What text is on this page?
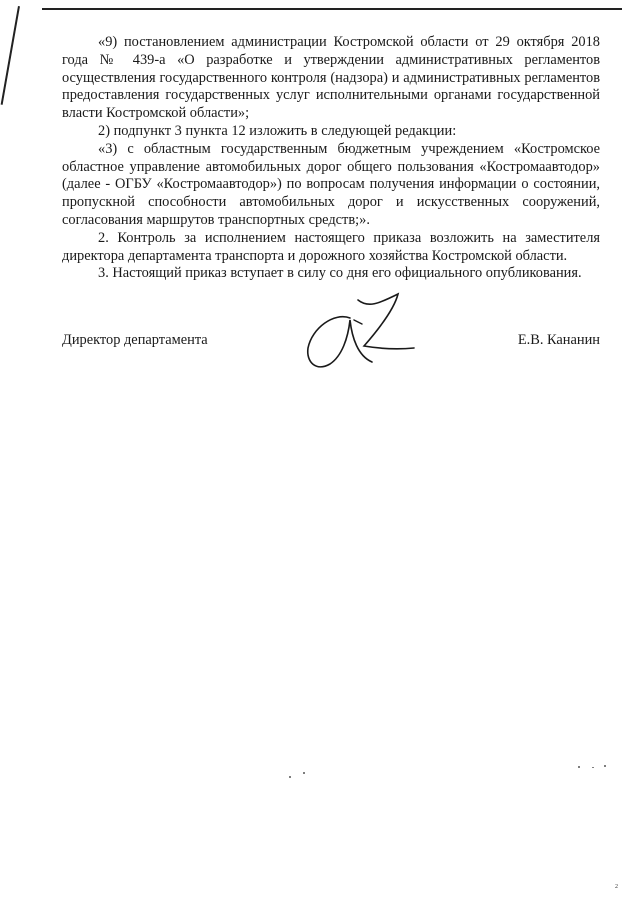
«9) постановлением администрации Костромской области от 29 октября 2018 года № 439-а «О разработке и утверждении административных регламентов осуществления государственного контроля (надзора) и административных регламентов предоставления государственных услуг исполнительными органами государственной власти Костромской области»;

2) подпункт 3 пункта 12 изложить в следующей редакции:

«3) с областным государственным бюджетным учреждением «Костромское областное управление автомобильных дорог общего пользования «Костромаавтодор» (далее - ОГБУ «Костромаавтодор») по вопросам получения информации о состоянии, пропускной способности автомобильных дорог и искусственных сооружений, согласования маршрутов транспортных средств;».

2. Контроль за исполнением настоящего приказа возложить на заместителя директора департамента транспорта и дорожного хозяйства Костромской области.

3. Настоящий приказ вступает в силу со дня его официального опубликования.

Директор департамента	Е.В. Кананин
2
